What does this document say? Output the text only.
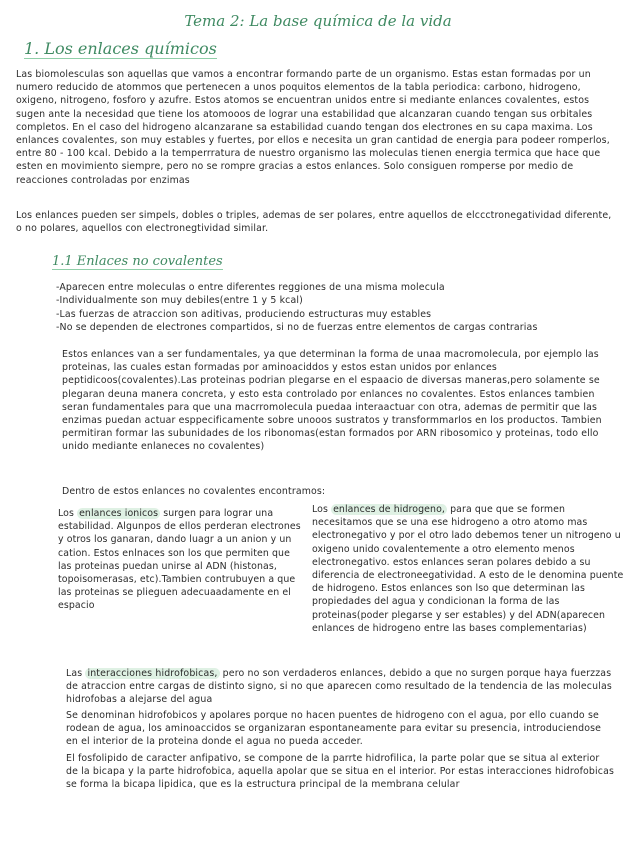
Tema 2: La base química de la vida
1. Los enlaces químicos
Las biomolesculas son aquellas que vamos a encontrar formando parte de un organismo. Estas estan formadas por un numero reducido de atommos que pertenecen a unos poquitos elementos de la tabla periodica: carbono, hidrogeno, oxigeno, nitrogeno, fosforo y azufre. Estos atomos se encuentran unidos entre si mediante enlances covalentes, estos sugen ante la necesidad que tiene los atomooos de lograr una estabilidad que alcanzaran cuando tengan sus orbitales completos. En el caso del hidrogeno alcanzarane sa estabilidad cuando tengan dos electrones en su capa maxima. Los enlances covalentes, son muy estables y fuertes, por ellos e necesita un gran cantidad de energia para podeer romperlos, entre 80 - 100 kcal. Debido a la temperrratura de nuestro organismo las moleculas tienen energia termica que hace que esten en movimiento siempre, pero no se rompre gracias a estos enlances. Solo consiguen romperse por medio de reacciones controladas por enzimas
Los enlances pueden ser simpels, dobles o triples, ademas de ser polares, entre aquellos de elccctronegatividad diferente, o no polares, aquellos con electronegtividad similar.
1.1 Enlaces no covalentes
-Aparecen entre moleculas o entre diferentes reggiones de una misma molecula
-Individualmente son muy debiles(entre 1 y 5 kcal)
-Las fuerzas de atraccion son aditivas, produciendo estructuras muy estables
-No se dependen de electrones compartidos, si no de fuerzas entre elementos de cargas contrarias
Estos enlances van a ser fundamentales, ya que determinan la forma de unaa macromolecula, por ejemplo las proteinas, las cuales estan formadas por aminoaciddos y estos estan unidos por enlances peptidicoos(covalentes).Las proteinas podrian plegarse en el espaacio de diversas maneras,pero solamente se plegaran deuna manera concreta, y esto esta controlado por enlances no covalentes. Estos enlances tambien seran fundamentales para que una macrromolecula puedaa interaactuar con otra, ademas de permitir que las enzimas puedan actuar esppecificamente sobre unooos sustratos y transformmarlos en los productos. Tambien permitiran formar las subunidades de los ribonomas(estan formados por ARN ribosomico y proteinas, todo ello unido mediante enlaneces no covalentes)
Dentro de estos enlances no covalentes encontramos:
Los enlances ionicos surgen para lograr una estabilidad. Algunpos de ellos perderan electrones y otros los ganaran, dando luagr a un anion y un cation. Estos enlnaces son los que permiten que las proteinas puedan unirse al ADN (histonas, topoisomerasas, etc).Tambien contrubuyen a que las proteinas se plieguen adecuaadamente en el espacio
Los enlances de hidrogeno, para que que se formen necesitamos que se una ese hidrogeno a otro atomo mas electronegativo y por el otro lado debemos tener un nitrogeno u oxigeno unido covalentemente a otro elemento menos electronegativo. estos enlances seran polares debido a su diferencia de electroneegatividad. A esto de le denomina puente de hidrogeno. Estos enlances son lso que determinan las propiedades del agua y condicionan la forma de las proteinas(poder plegarse y ser estables) y del ADN(aparecen enlances de hidrogeno entre las bases complementarias)
Las interacciones hidrofobicas, pero no son verdaderos enlances, debido a que no surgen porque haya fuerzzas de atraccion entre cargas de distinto signo, si no que aparecen como resultado de la tendencia de las moleculas hidrofobas a alejarse del agua
Se denominan hidrofobicos y apolares porque no hacen puentes de hidrogeno con el agua, por ello cuando se rodean de agua, los aminoaccidos se organizaran espontaneamente para evitar su presencia, introduciendose en el interior de la proteina donde el agua no pueda acceder.
El fosfolipido de caracter anfipativo, se compone de la parrte hidrofilica, la parte polar que se situa al exterior de la bicapa y la parte hidrofobica, aquella apolar que se situa en el interior. Por estas interacciones hidrofobicas se forma la bicapa lipidica, que es la estructura principal de la membrana celular
